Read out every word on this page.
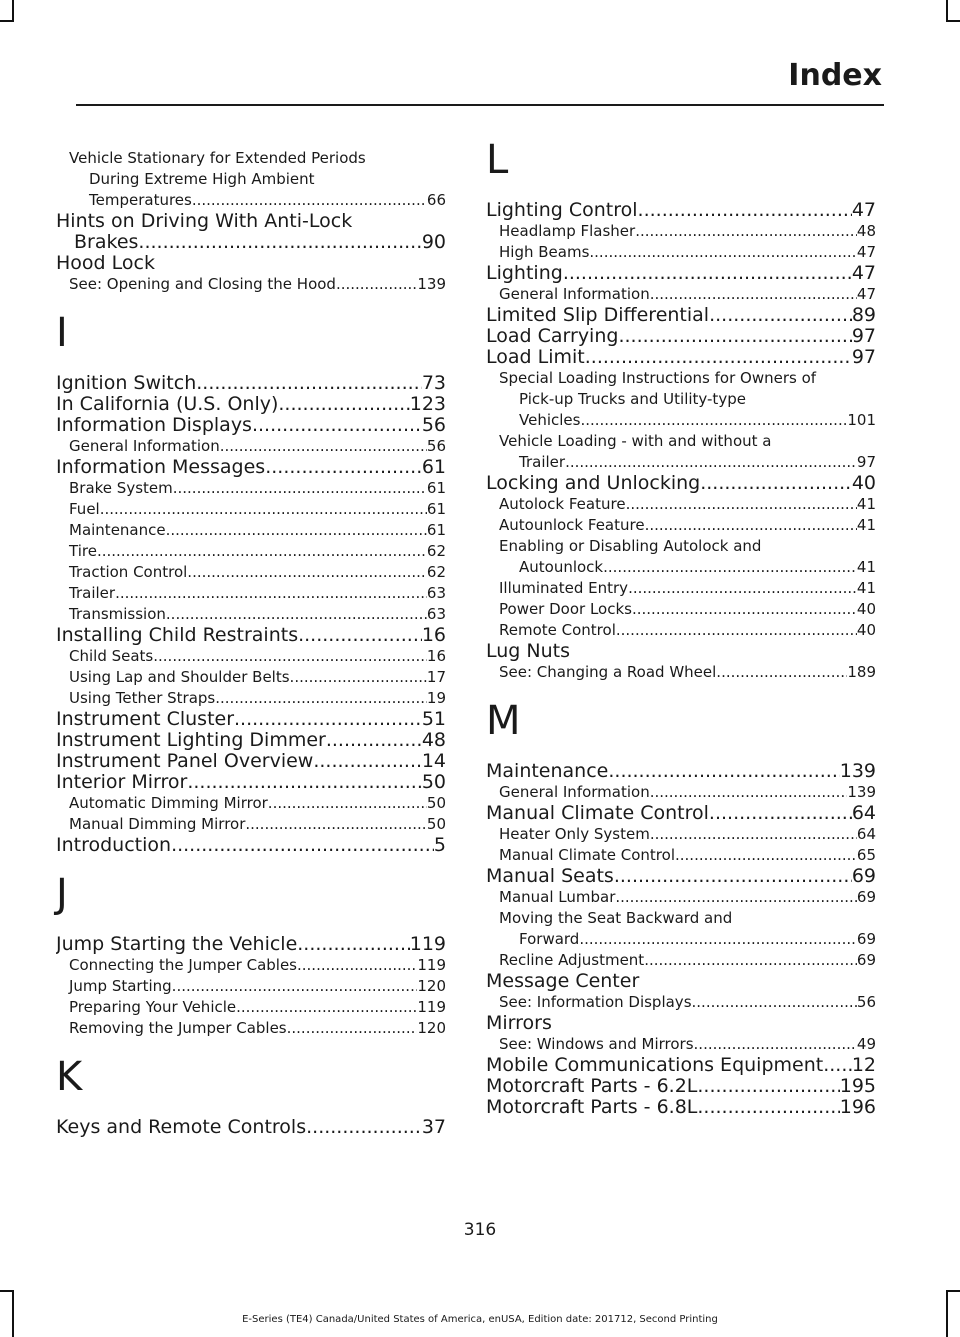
Index
Vehicle Stationary for Extended Periods
During Extreme High Ambient
Temperatures .....	66
Hints on Driving With Anti-Lock
Brakes .....	90
Hood Lock
See: Opening and Closing the Hood .....	139
I
Ignition Switch .....	73
In California (U.S. Only) .....	123
Information Displays .....	56
General Information .....	56
Information Messages .....	61
Brake System .....	61
Fuel .....	61
Maintenance .....	61
Tire .....	62
Traction Control .....	62
Trailer .....	63
Transmission .....	63
Installing Child Restraints .....	16
Child Seats .....	16
Using Lap and Shoulder Belts .....	17
Using Tether Straps .....	19
Instrument Cluster .....	51
Instrument Lighting Dimmer .....	48
Instrument Panel Overview .....	14
Interior Mirror .....	50
Automatic Dimming Mirror .....	50
Manual Dimming Mirror .....	50
Introduction .....	5
J
Jump Starting the Vehicle .....	119
Connecting the Jumper Cables .....	119
Jump Starting .....	120
Preparing Your Vehicle .....	119
Removing the Jumper Cables .....	120
K
Keys and Remote Controls .....	37
L
Lighting Control .....	47
Headlamp Flasher .....	48
High Beams .....	47
Lighting .....	47
General Information .....	47
Limited Slip Differential .....	89
Load Carrying .....	97
Load Limit .....	97
Special Loading Instructions for Owners of
Pick-up Trucks and Utility-type
Vehicles .....	101
Vehicle Loading - with and without a
Trailer .....	97
Locking and Unlocking .....	40
Autolock Feature .....	41
Autounlock Feature .....	41
Enabling or Disabling Autolock and
Autounlock .....	41
Illuminated Entry .....	41
Power Door Locks .....	40
Remote Control .....	40
Lug Nuts
See: Changing a Road Wheel .....	189
M
Maintenance .....	139
General Information .....	139
Manual Climate Control .....	64
Heater Only System .....	64
Manual Climate Control .....	65
Manual Seats .....	69
Manual Lumbar .....	69
Moving the Seat Backward and
Forward .....	69
Recline Adjustment .....	69
Message Center
See: Information Displays .....	56
Mirrors
See: Windows and Mirrors .....	49
Mobile Communications Equipment ..... 12
Motorcraft Parts - 6.2L .....	195
Motorcraft Parts - 6.8L .....	196
316
E-Series (TE4) Canada/United States of America, enUSA, Edition date: 201712, Second Printing
